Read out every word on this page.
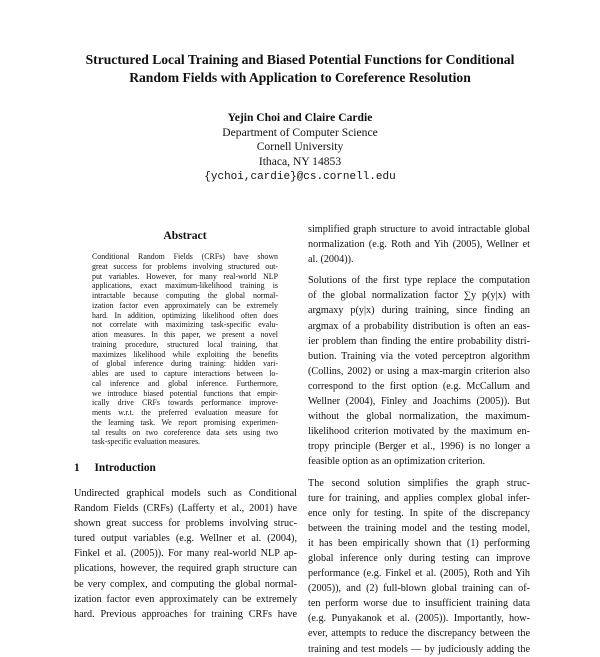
Structured Local Training and Biased Potential Functions for Conditional
Random Fields with Application to Coreference Resolution
Yejin Choi and Claire Cardie
Department of Computer Science
Cornell University
Ithaca, NY 14853
{ychoi,cardie}@cs.cornell.edu
Abstract
Conditional Random Fields (CRFs) have shown
great success for problems involving structured out-
put variables. However, for many real-world NLP
applications, exact maximum-likelihood training is
intractable because computing the global normal-
ization factor even approximately can be extremely
hard. In addition, optimizing likelihood often does
not correlate with maximizing task-specific evalu-
ation measures. In this paper, we present a novel
training procedure, structured local training, that
maximizes likelihood while exploiting the benefits
of global inference during training: hidden vari-
ables are used to capture interactions between lo-
cal inference and global inference. Furthermore,
we introduce biased potential functions that empir-
ically drive CRFs towards performance improve-
ments w.r.t. the preferred evaluation measure for
the learning task. We report promising experimen-
tal results on two coreference data sets using two
task-specific evaluation measures.
1 Introduction
Undirected graphical models such as Conditional
Random Fields (CRFs) (Lafferty et al., 2001) have
shown great success for problems involving struc-
tured output variables (e.g. Wellner et al. (2004),
Finkel et al. (2005)). For many real-world NLP ap-
plications, however, the required graph structure can
be very complex, and computing the global normal-
ization factor even approximately can be extremely
hard. Previous approaches for training CRFs have
simplified graph structure to avoid intractable global
normalization (e.g. Roth and Yih (2005), Wellner et
al. (2004)).
Solutions of the first type replace the computation
of the global normalization factor ∑y p(y|x) with
argmaxy p(y|x) during training, since finding an
argmax of a probability distribution is often an eas-
ier problem than finding the entire probability distri-
bution. Training via the voted perceptron algorithm
(Collins, 2002) or using a max-margin criterion also
correspond to the first option (e.g. McCallum and
Wellner (2004), Finley and Joachims (2005)). But
without the global normalization, the maximum-
likelihood criterion motivated by the maximum en-
tropy principle (Berger et al., 1996) is no longer a
feasible option as an optimization criterion.
The second solution simplifies the graph struc-
ture for training, and applies complex global infer-
ence only for testing. In spite of the discrepancy
between the training model and the testing model,
it has been empirically shown that (1) performing
global inference only during testing can improve
performance (e.g. Finkel et al. (2005), Roth and Yih
(2005)), and (2) full-blown global training can of-
ten perform worse due to insufficient training data
(e.g. Punyakanok et al. (2005)). Importantly, how-
ever, attempts to reduce the discrepancy between the
training and test models — by judiciously adding the
